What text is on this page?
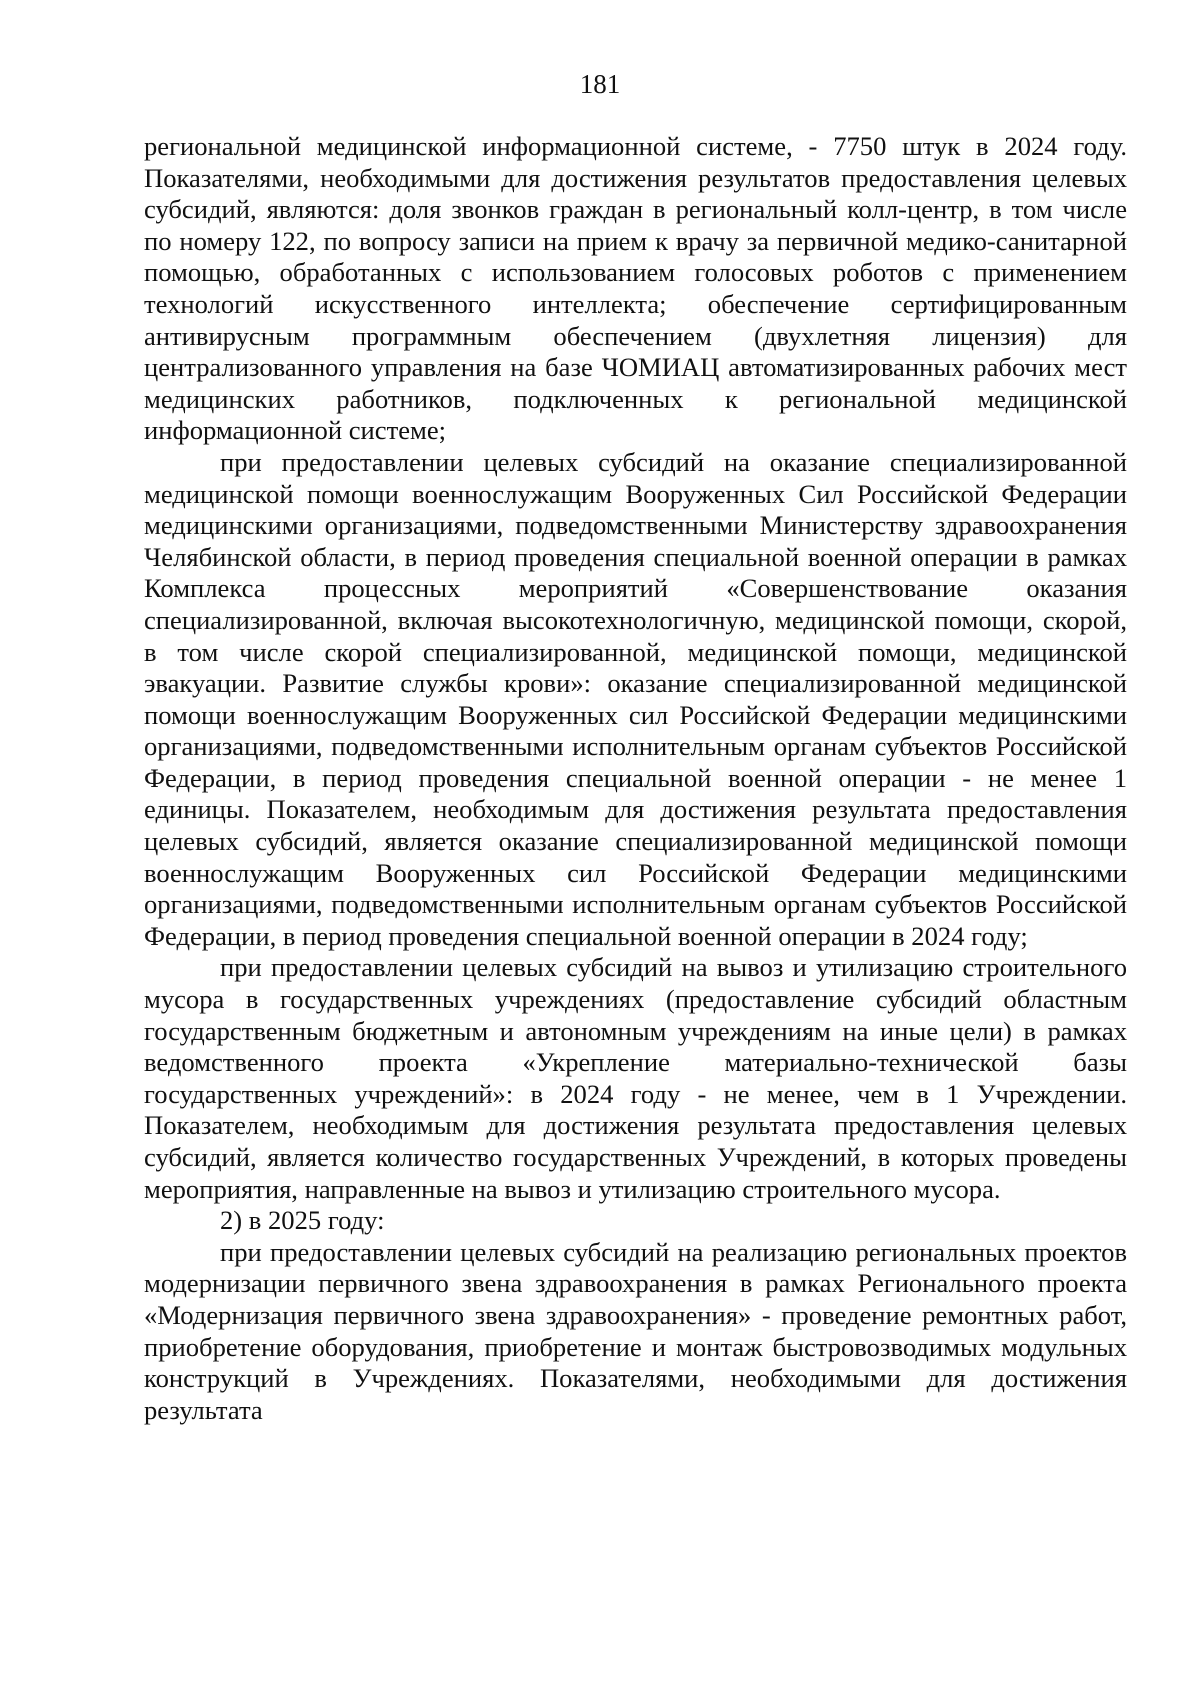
181

региональной медицинской информационной системе, - 7750 штук в 2024 году. Показателями, необходимыми для достижения результатов предоставления целевых субсидий, являются: доля звонков граждан в региональный колл-центр, в том числе по номеру 122, по вопросу записи на прием к врачу за первичной медико-санитарной помощью, обработанных с использованием голосовых роботов с применением технологий искусственного интеллекта; обеспечение сертифицированным антивирусным программным обеспечением (двухлетняя лицензия) для централизованного управления на базе ЧОМИАЦ автоматизированных рабочих мест медицинских работников, подключенных к региональной медицинской информационной системе;

при предоставлении целевых субсидий на оказание специализированной медицинской помощи военнослужащим Вооруженных Сил Российской Федерации медицинскими организациями, подведомственными Министерству здравоохранения Челябинской области, в период проведения специальной военной операции в рамках Комплекса процессных мероприятий «Совершенствование оказания специализированной, включая высокотехнологичную, медицинской помощи, скорой, в том числе скорой специализированной, медицинской помощи, медицинской эвакуации. Развитие службы крови»: оказание специализированной медицинской помощи военнослужащим Вооруженных сил Российской Федерации медицинскими организациями, подведомственными исполнительным органам субъектов Российской Федерации, в период проведения специальной военной операции - не менее 1 единицы. Показателем, необходимым для достижения результата предоставления целевых субсидий, является оказание специализированной медицинской помощи военнослужащим Вооруженных сил Российской Федерации медицинскими организациями, подведомственными исполнительным органам субъектов Российской Федерации, в период проведения специальной военной операции в 2024 году;

при предоставлении целевых субсидий на вывоз и утилизацию строительного мусора в государственных учреждениях (предоставление субсидий областным государственным бюджетным и автономным учреждениям на иные цели) в рамках ведомственного проекта «Укрепление материально-технической базы государственных учреждений»: в 2024 году - не менее, чем в 1 Учреждении. Показателем, необходимым для достижения результата предоставления целевых субсидий, является количество государственных Учреждений, в которых проведены мероприятия, направленные на вывоз и утилизацию строительного мусора.

2) в 2025 году:

при предоставлении целевых субсидий на реализацию региональных проектов модернизации первичного звена здравоохранения в рамках Регионального проекта «Модернизация первичного звена здравоохранения» - проведение ремонтных работ, приобретение оборудования, приобретение и монтаж быстровозводимых модульных конструкций в Учреждениях. Показателями, необходимыми для достижения результата
